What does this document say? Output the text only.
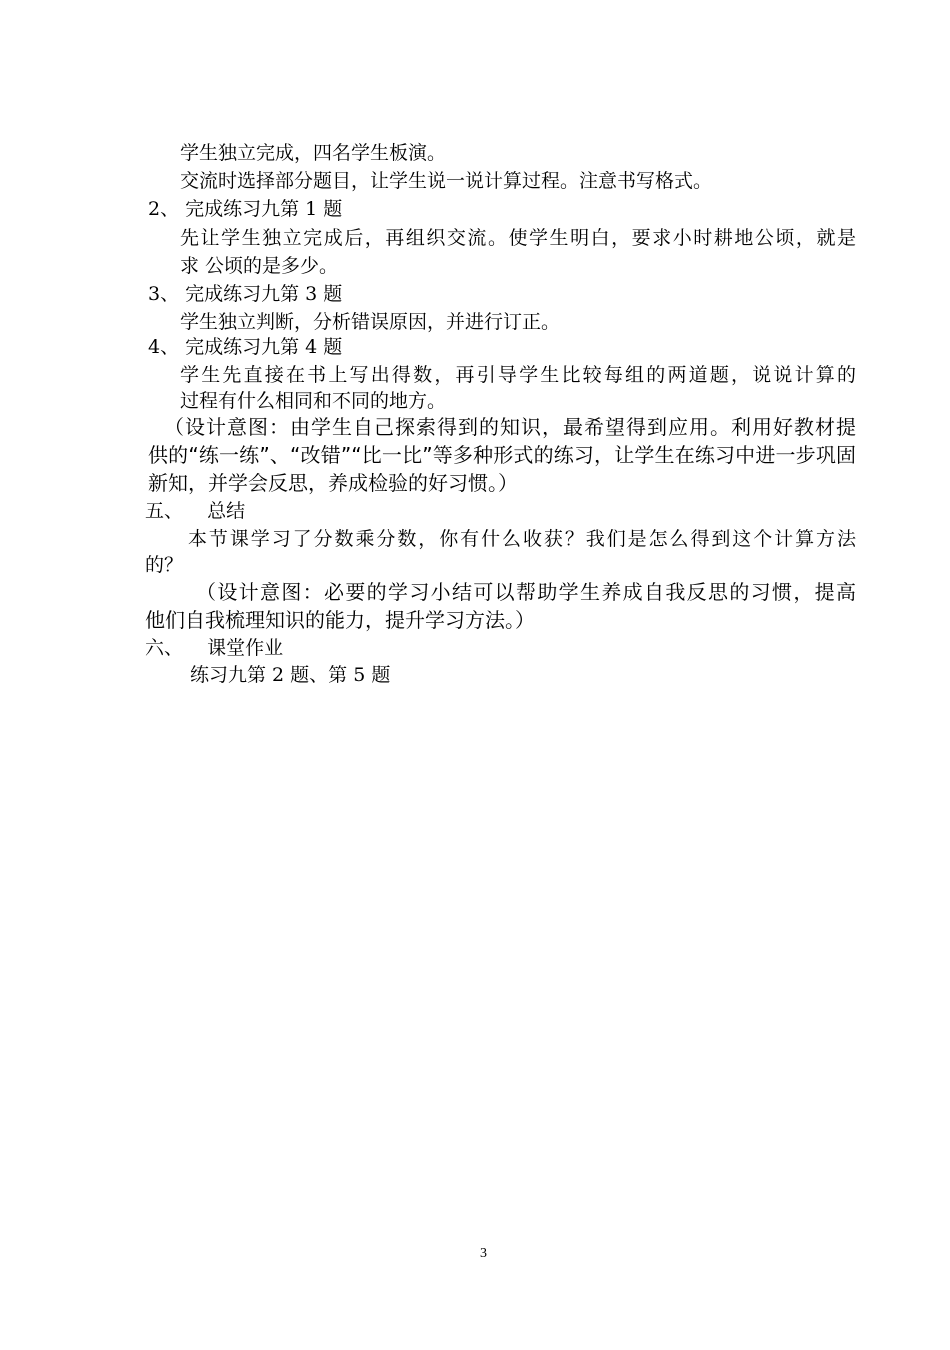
学生独立完成，四名学生板演。
交流时选择部分题目，让学生说一说计算过程。注意书写格式。
2、 完成练习九第 1 题
先让学生独立完成后，再组织交流。使学生明白，要求小时耕地公顷，就是
求 公顷的是多少。
3、 完成练习九第 3 题
学生独立判断，分析错误原因，并进行订正。
4、 完成练习九第 4 题
学生先直接在书上写出得数，再引导学生比较每组的两道题，说说计算的
过程有什么相同和不同的地方。
（设计意图：由学生自己探索得到的知识，最希望得到应用。利用好教材提
供的“练一练”、“改错”“比一比”等多种形式的练习，让学生在练习中进一步巩固
新知，并学会反思，养成检验的好习惯。）
五、    总结
本节课学习了分数乘分数，你有什么收获？我们是怎么得到这个计算方法
的？
（设计意图：必要的学习小结可以帮助学生养成自我反思的习惯，提高
他们自我梳理知识的能力，提升学习方法。）
六、    课堂作业
练习九第 2 题、第 5 题
3
